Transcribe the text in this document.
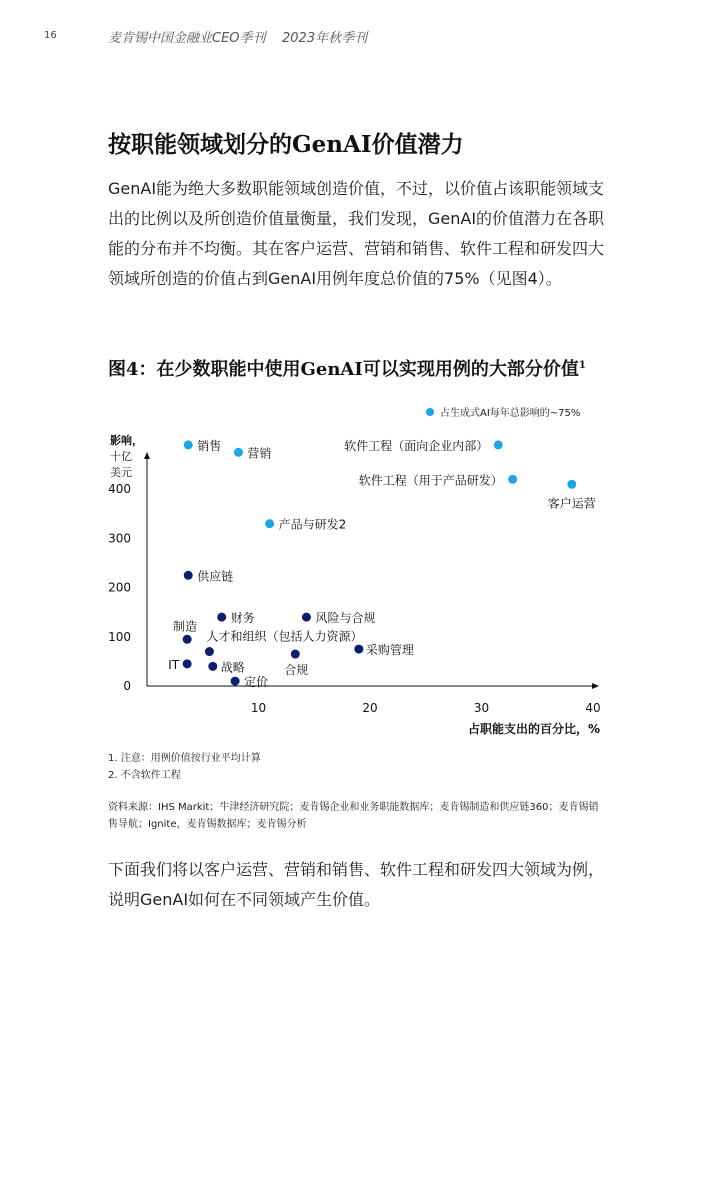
16	麦肯锡中国金融业CEO季刊 2023年秋季刊
按职能领域划分的GenAI价值潜力
GenAI能为绝大多数职能领域创造价值，不过，以价值占该职能领域支出的比例以及所创造价值量衡量，我们发现，GenAI的价值潜力在各职能的分布并不均衡。其在客户运营、营销和销售、软件工程和研发四大领域所创造的价值占到GenAI用例年度总价值的75%（见图4）。
图4：在少数职能中使用GenAI可以实现用例的大部分价值$^1$
占生成式AI每年总影响的~75%
影响，
十亿
美元
占职能支出的百分比，%
10	20	30	40
0
100
200
300
400
销售
营销
软件工程（面向企业内部）
软件工程（用于产品研发）
客户运营
产品与研发2
供应链
财务	风险与合规
制造
人才和组织（包括人力资源）
采购管理
IT	战略	合规
定价
1. 注意：用例价值按行业平均计算
2. 不含软件工程
资料来源：IHS Markit；牛津经济研究院；麦肯锡企业和业务职能数据库；麦肯锡制造和供应链360；麦肯锡销售导航；Ignite，麦肯锡数据库；麦肯锡分析
下面我们将以客户运营、营销和销售、软件工程和研发四大领域为例，说明GenAI如何在不同领域产生价值。
